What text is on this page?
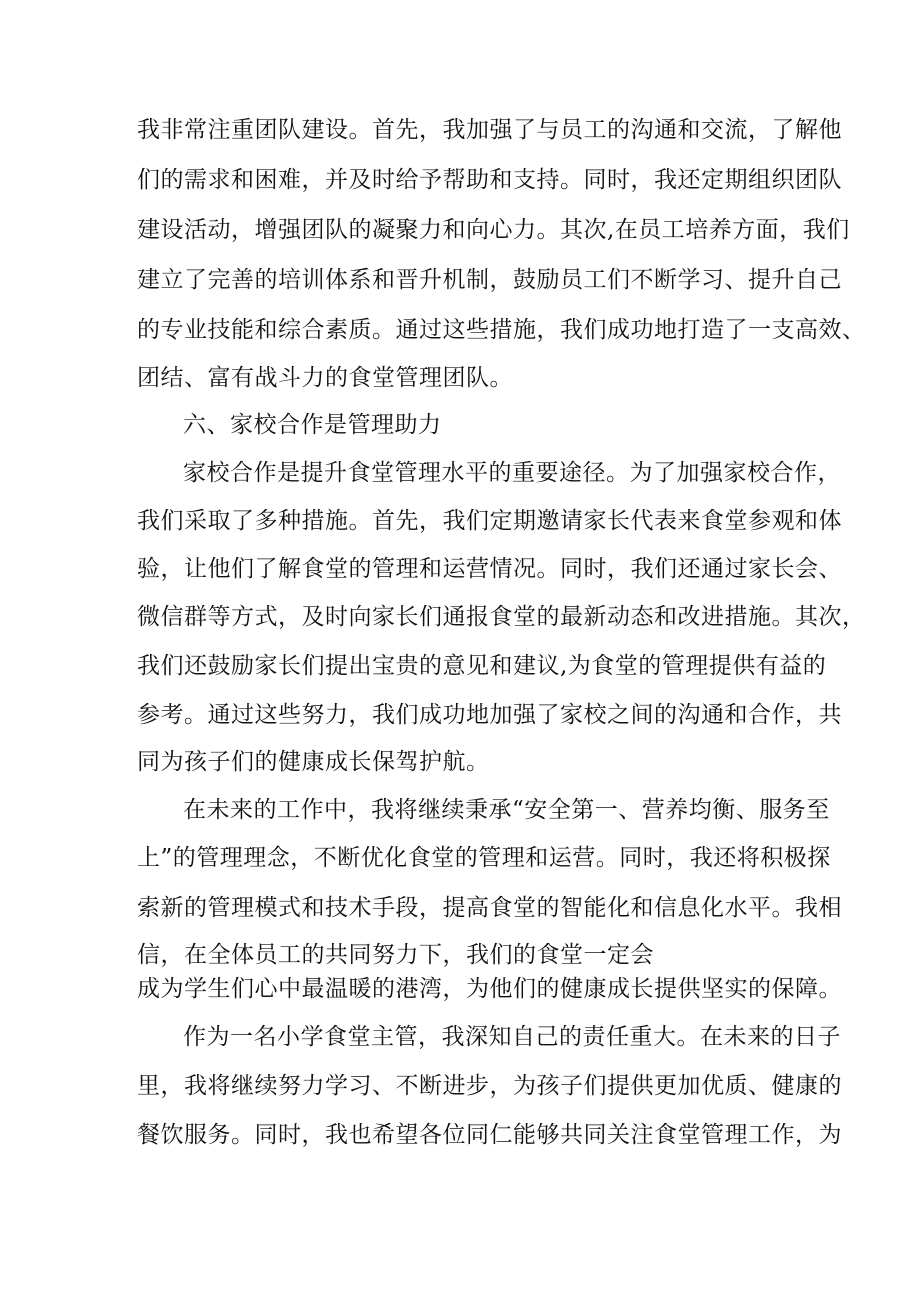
我非常注重团队建设。首先，我加强了与员工的沟通和交流，了解他
们的需求和困难，并及时给予帮助和支持。同时，我还定期组织团队
建设活动，增强团队的凝聚力和向心力。其次,在员工培养方面，我们
建立了完善的培训体系和晋升机制，鼓励员工们不断学习、提升自己
的专业技能和综合素质。通过这些措施，我们成功地打造了一支高效、
团结、富有战斗力的食堂管理团队。
六、家校合作是管理助力
家校合作是提升食堂管理水平的重要途径。为了加强家校合作，
我们采取了多种措施。首先，我们定期邀请家长代表来食堂参观和体
验，让他们了解食堂的管理和运营情况。同时，我们还通过家长会、
微信群等方式，及时向家长们通报食堂的最新动态和改进措施。其次，
我们还鼓励家长们提出宝贵的意见和建议,为食堂的管理提供有益的
参考。通过这些努力，我们成功地加强了家校之间的沟通和合作，共
同为孩子们的健康成长保驾护航。
在未来的工作中，我将继续秉承“安全第一、营养均衡、服务至
上”的管理理念，不断优化食堂的管理和运营。同时，我还将积极探
索新的管理模式和技术手段，提高食堂的智能化和信息化水平。我相
信，在全体员工的共同努力下，我们的食堂一定会
成为学生们心中最温暖的港湾，为他们的健康成长提供坚实的保障。
作为一名小学食堂主管，我深知自己的责任重大。在未来的日子
里，我将继续努力学习、不断进步，为孩子们提供更加优质、健康的
餐饮服务。同时，我也希望各位同仁能够共同关注食堂管理工作，为
